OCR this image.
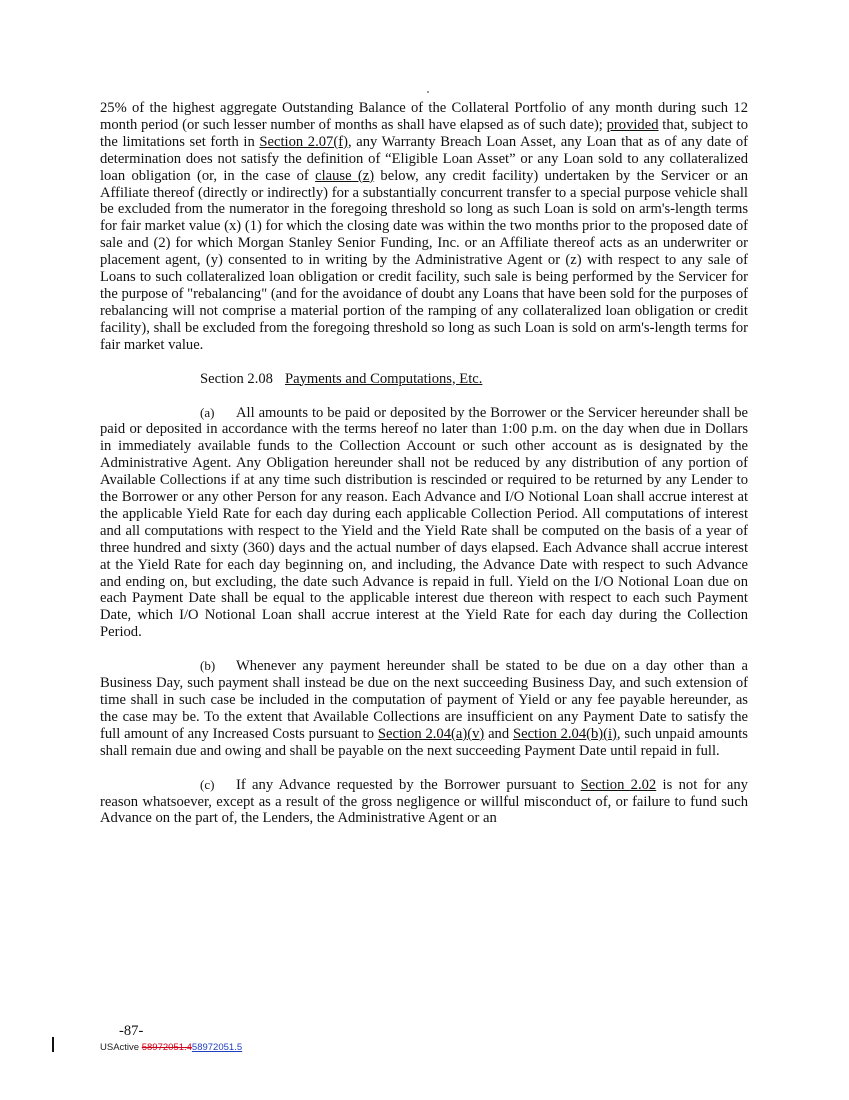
25% of the highest aggregate Outstanding Balance of the Collateral Portfolio of any month during such 12 month period (or such lesser number of months as shall have elapsed as of such date); provided that, subject to the limitations set forth in Section 2.07(f), any Warranty Breach Loan Asset, any Loan that as of any date of determination does not satisfy the definition of “Eligible Loan Asset” or any Loan sold to any collateralized loan obligation (or, in the case of clause (z) below, any credit facility) undertaken by the Servicer or an Affiliate thereof (directly or indirectly) for a substantially concurrent transfer to a special purpose vehicle shall be excluded from the numerator in the foregoing threshold so long as such Loan is sold on arm's-length terms for fair market value (x) (1) for which the closing date was within the two months prior to the proposed date of sale and (2) for which Morgan Stanley Senior Funding, Inc. or an Affiliate thereof acts as an underwriter or placement agent, (y) consented to in writing by the Administrative Agent or (z) with respect to any sale of Loans to such collateralized loan obligation or credit facility, such sale is being performed by the Servicer for the purpose of "rebalancing" (and for the avoidance of doubt any Loans that have been sold for the purposes of rebalancing will not comprise a material portion of the ramping of any collateralized loan obligation or credit facility), shall be excluded from the foregoing threshold so long as such Loan is sold on arm's-length terms for fair market value.

Section 2.08 Payments and Computations, Etc.

(a) All amounts to be paid or deposited by the Borrower or the Servicer hereunder shall be paid or deposited in accordance with the terms hereof no later than 1:00 p.m. on the day when due in Dollars in immediately available funds to the Collection Account or such other account as is designated by the Administrative Agent. Any Obligation hereunder shall not be reduced by any distribution of any portion of Available Collections if at any time such distribution is rescinded or required to be returned by any Lender to the Borrower or any other Person for any reason. Each Advance and I/O Notional Loan shall accrue interest at the applicable Yield Rate for each day during each applicable Collection Period. All computations of interest and all computations with respect to the Yield and the Yield Rate shall be computed on the basis of a year of three hundred and sixty (360) days and the actual number of days elapsed. Each Advance shall accrue interest at the Yield Rate for each day beginning on, and including, the Advance Date with respect to such Advance and ending on, but excluding, the date such Advance is repaid in full. Yield on the I/O Notional Loan due on each Payment Date shall be equal to the applicable interest due thereon with respect to each such Payment Date, which I/O Notional Loan shall accrue interest at the Yield Rate for each day during the Collection Period.

(b) Whenever any payment hereunder shall be stated to be due on a day other than a Business Day, such payment shall instead be due on the next succeeding Business Day, and such extension of time shall in such case be included in the computation of payment of Yield or any fee payable hereunder, as the case may be. To the extent that Available Collections are insufficient on any Payment Date to satisfy the full amount of any Increased Costs pursuant to Section 2.04(a)(v) and Section 2.04(b)(i), such unpaid amounts shall remain due and owing and shall be payable on the next succeeding Payment Date until repaid in full.

(c) If any Advance requested by the Borrower pursuant to Section 2.02 is not for any reason whatsoever, except as a result of the gross negligence or willful misconduct of, or failure to fund such Advance on the part of, the Lenders, the Administrative Agent or an

-87-
USActive 58972051.458972051.5
